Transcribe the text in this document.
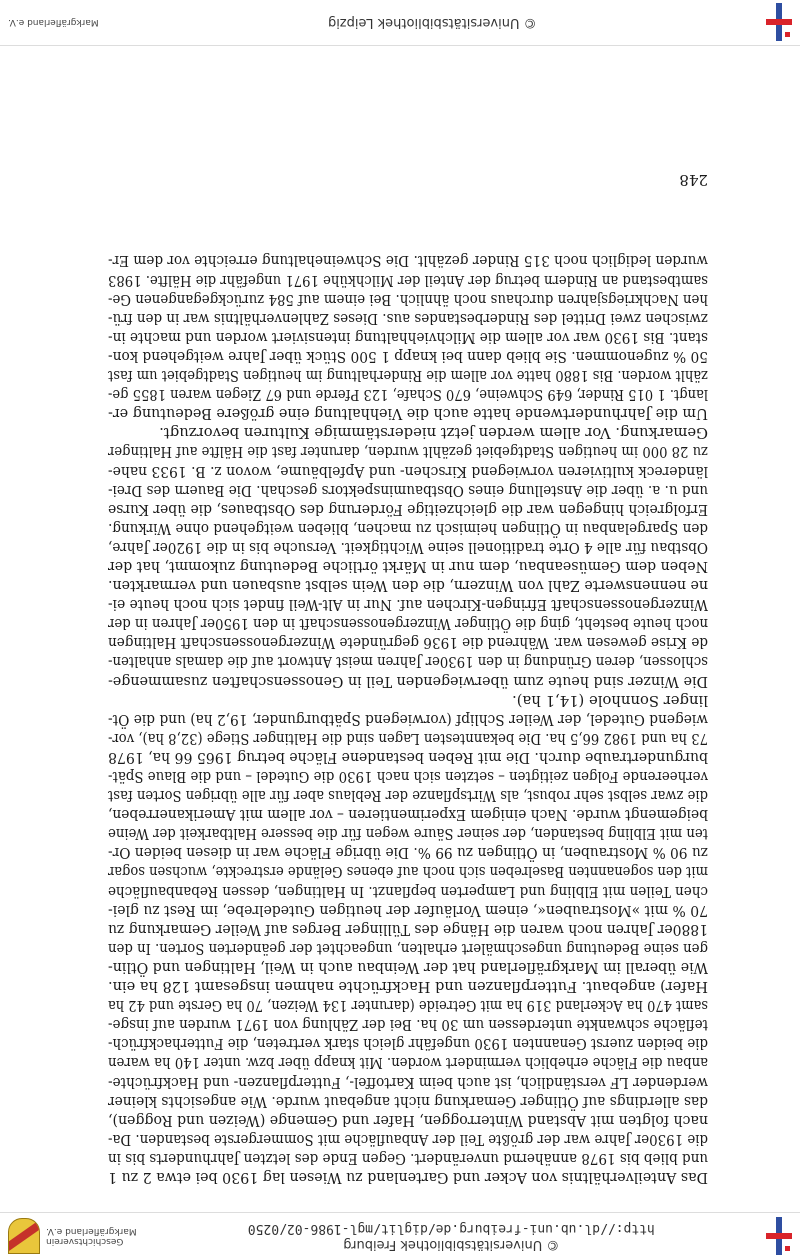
© Universitätsbibliothek Freiburg
http://dl.ub.uni-freiburg.de/diglit/mgl-1986-02/0250
Geschichtsverein
Markgräflerland e.V.
Das Anteilverhältnis von Acker und Gartenland zu Wiesen lag 1930 bei etwa 2 zu 1
und blieb bis 1978 annähernd unverändert. Gegen Ende des letzten Jahrhunderts bis in
die 1930er Jahre war der größte Teil der Anbaufläche mit Sommergerste bestanden. Da-
nach folgten mit Abstand Winterroggen, Hafer und Gemenge (Weizen und Roggen),
das allerdings auf Ötlinger Gemarkung nicht angebaut wurde. Wie angesichts kleiner
werdender LF verständlich, ist auch beim Kartoffel-, Futterpflanzen- und Hackfrüchte-
anbau die Fläche erheblich vermindert worden. Mit knapp über bzw. unter 140 ha waren
die beiden zuerst Genannten 1930 ungefähr gleich stark vertreten, die Futterhackfrüch-
tefläche schwankte unterdessen um 30 ha. Bei der Zählung von 1971 wurden auf insge-
samt 470 ha Ackerland 319 ha mit Getreide (darunter 134 Weizen, 70 ha Gerste und 42 ha
Hafer) angebaut. Futterpflanzen und Hackfrüchte nahmen insgesamt 128 ha ein.
Wie überall im Markgräflerland hat der Weinbau auch in Weil, Haltingen und Ötlin-
gen seine Bedeutung ungeschmälert erhalten, ungeachtet der geänderten Sorten. In den
1880er Jahren noch waren die Hänge des Tüllinger Berges auf Weiler Gemarkung zu
70 % mit »Mostrauben«, einem Vorläufer der heutigen Gutedelrebe, im Rest zu glei-
chen Teilen mit Elbling und Lamperten bepflanzt. In Haltingen, dessen Rebanbaufläche
mit den sogenannten Baselreben sich noch auf ebenes Gelände erstreckte, wuchsen sogar
zu 90 % Mostrauben, in Ötlingen zu 99 %. Die übrige Fläche war in diesen beiden Or-
ten mit Elbling bestanden, der seiner Säure wegen für die bessere Haltbarkeit der Weine
beigemengt wurde. Nach einigem Experimentieren – vor allem mit Amerikanerreben,
die zwar selbst sehr robust, als Wirtspflanze der Reblaus aber für alle übrigen Sorten fast
verheerende Folgen zeitigten – setzten sich nach 1930 die Gutedel – und die Blaue Spät-
burgundertraube durch. Die mit Reben bestandene Fläche betrug 1965 66 ha, 1978
73 ha und 1982 66,5 ha. Die bekanntesten Lagen sind die Haltinger Stiege (32,8 ha), vor-
wiegend Gutedel, der Weiler Schlipf (vorwiegend Spätburgunder, 19,2 ha) und die Öt-
linger Sonnhole (14,1 ha).
Die Winzer sind heute zum überwiegenden Teil in Genossenschaften zusammenge-
schlossen, deren Gründung in den 1930er Jahren meist Antwort auf die damals anhalten-
de Krise gewesen war. Während die 1936 gegründete Winzergenossenschaft Haltingen
noch heute besteht, ging die Ötlinger Winzergenossenschaft in den 1950er Jahren in der
Winzergenossenschaft Efringen-Kirchen auf. Nur in Alt-Weil findet sich noch heute ei-
ne nennenswerte Zahl von Winzern, die den Wein selbst ausbauen und vermarkten.
Neben dem Gemüseanbau, dem nur in Märkt örtliche Bedeutung zukommt, hat der
Obstbau für alle 4 Orte traditionell seine Wichtigkeit. Versuche bis in die 1920er Jahre,
den Spargelanbau in Ötlingen heimisch zu machen, blieben weitgehend ohne Wirkung.
Erfolgreich hingegen war die gleichzeitige Förderung des Obstbaues, die über Kurse
und u. a. über die Anstellung eines Obstbauminspektors geschah. Die Bauern des Drei-
ländereck kultivieren vorwiegend Kirschen- und Apfelbäume, wovon z. B. 1933 nahe-
zu 28 000 im heutigen Stadtgebiet gezählt wurden, darunter fast die Hälfte auf Haltinger
Gemarkung. Vor allem werden jetzt niederstämmige Kulturen bevorzugt.
Um die Jahrhundertwende hatte auch die Viehhaltung eine größere Bedeutung er-
langt. 1 015 Rinder, 649 Schweine, 670 Schafe, 123 Pferde und 67 Ziegen waren 1855 ge-
zählt worden. Bis 1880 hatte vor allem die Rinderhaltung im heutigen Stadtgebiet um fast
50 % zugenommen. Sie blieb dann bei knapp 1 500 Stück über Jahre weitgehend kon-
stant. Bis 1930 war vor allem die Milchviehhaltung intensiviert worden und machte in-
zwischen zwei Drittel des Rinderbestandes aus. Dieses Zahlenverhältnis war in den frü-
hen Nachkriegsjahren durchaus noch ähnlich. Bei einem auf 584 zurückgegangenen Ge-
samtbestand an Rindern betrug der Anteil der Milchkühe 1971 ungefähr die Hälfte. 1983
wurden lediglich noch 315 Rinder gezählt. Die Schweinehaltung erreichte vor dem Er-
248
© Universitätsbibliothek Leipzig
Markgräflerland e.V.
